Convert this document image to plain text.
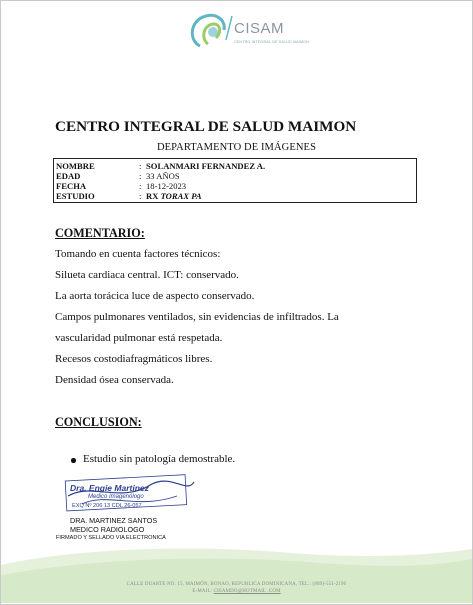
CISAM
CENTRO INTEGRAL DE SALUD MAIMON
CENTRO INTEGRAL DE SALUD MAIMON
DEPARTAMENTO DE IMÁGENES
NOMBRE	: SOLANMARI FERNANDEZ A.
EDAD	: 33 AÑOS
FECHA	: 18-12-2023
ESTUDIO	: RX TORAX PA
COMENTARIO:
Tomando en cuenta factores técnicos:
Silueta cardiaca central. ICT: conservado.
La aorta torácica luce de aspecto conservado.
Campos pulmonares ventilados, sin evidencias de infiltrados. La
vascularidad pulmonar está respetada.
Recesos costodiafragmáticos libres.
Densidad ósea conservada.
CONCLUSION:
Estudio sin patología demostrable.
Dra. Engie Martinez
Medico Imagenólogo
EXQ Nº 206 13 CDL 26-057
DRA. MARTINEZ SANTOS
MEDICO RADIOLOGO
FIRMADO Y SELLADO VIA ELECTRONICA
CALLE DUARTE NO. 15, MAIMÓN, BONAO, REPUBLICA DOMINICANA, TEL.: (809)-551-2196
E-MAIL: CISAMDO@HOTMAIL .COM
